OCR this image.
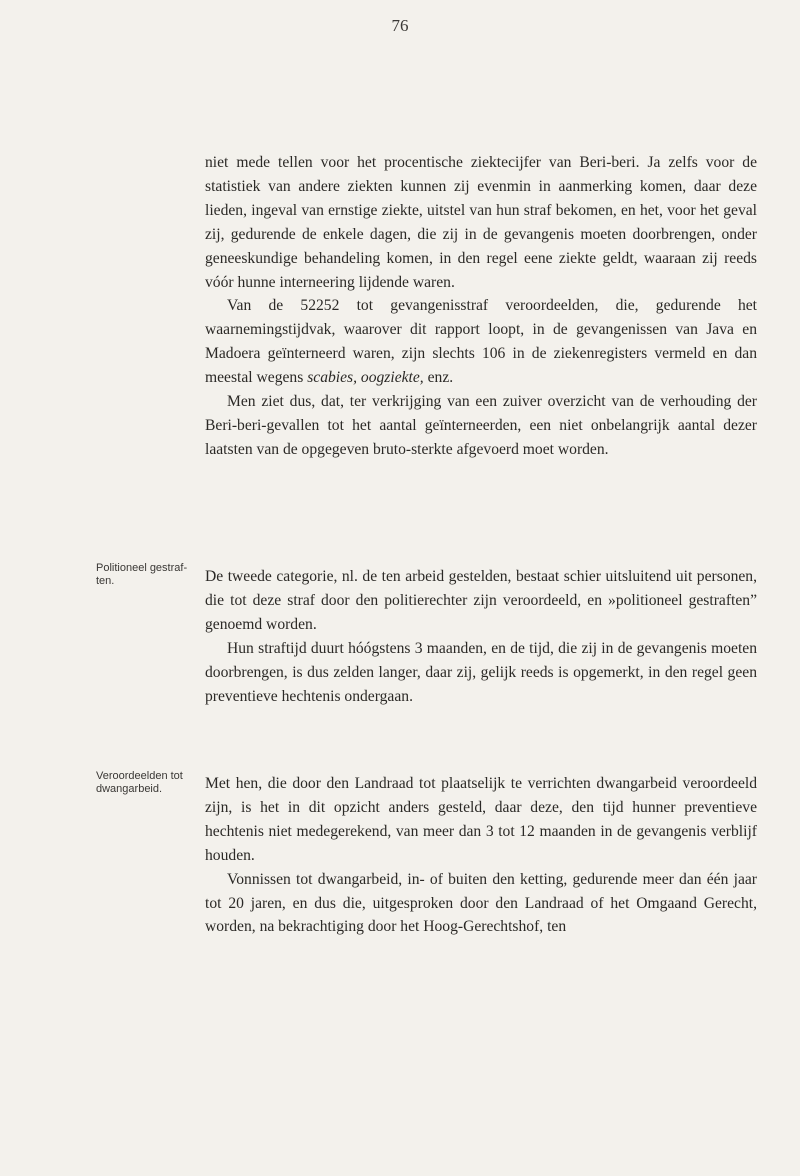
76

niet mede tellen voor het procentische ziektecijfer van Beri-beri. Ja zelfs voor de statistiek van andere ziekten kunnen zij evenmin in aanmerking komen, daar deze lieden, ingeval van ernstige ziekte, uitstel van hun straf bekomen, en het, voor het geval zij, gedurende de enkele dagen, die zij in de gevangenis moeten doorbrengen, onder geneeskundige behandeling komen, in den regel eene ziekte geldt, waaraan zij reeds vóór hunne interneering lijdende waren.

Van de 52252 tot gevangenisstraf veroordeelden, die, gedurende het waarnemingstijdvak, waarover dit rapport loopt, in de gevangenissen van Java en Madoera geïnterneerd waren, zijn slechts 106 in de ziekenregisters vermeld en dan meestal wegens scabies, oogziekte, enz.

Men ziet dus, dat, ter verkrijging van een zuiver overzicht van de verhouding der Beri-beri-gevallen tot het aantal geïnterneerden, een niet onbelangrijk aantal dezer laatsten van de opgegeven bruto-sterkte afgevoerd moet worden.

Politioneel gestraf- ten.	De tweede categorie, nl. de ten arbeid gestelden, bestaat schier uitsluitend uit personen, die tot deze straf door den politierechter zijn veroordeeld, en »politioneel gestraften” genoemd worden.

Hun straftijd duurt hóógstens 3 maanden, en de tijd, die zij in de gevangenis moeten doorbrengen, is dus zelden langer, daar zij, gelijk reeds is opgemerkt, in den regel geen preventieve hechtenis ondergaan.

Veroordeelden tot dwangarbeid.	Met hen, die door den Landraad tot plaatselijk te verrichten dwangarbeid veroordeeld zijn, is het in dit opzicht anders gesteld, daar deze, den tijd hunner preventieve hechtenis niet medegerekend, van meer dan 3 tot 12 maanden in de gevangenis verblijf houden.

Vonnissen tot dwangarbeid, in- of buiten den ketting, gedurende meer dan één jaar tot 20 jaren, en dus die, uitgesproken door den Landraad of het Omgaand Gerecht, worden, na bekrachtiging door het Hoog-Gerechtshof, ten
